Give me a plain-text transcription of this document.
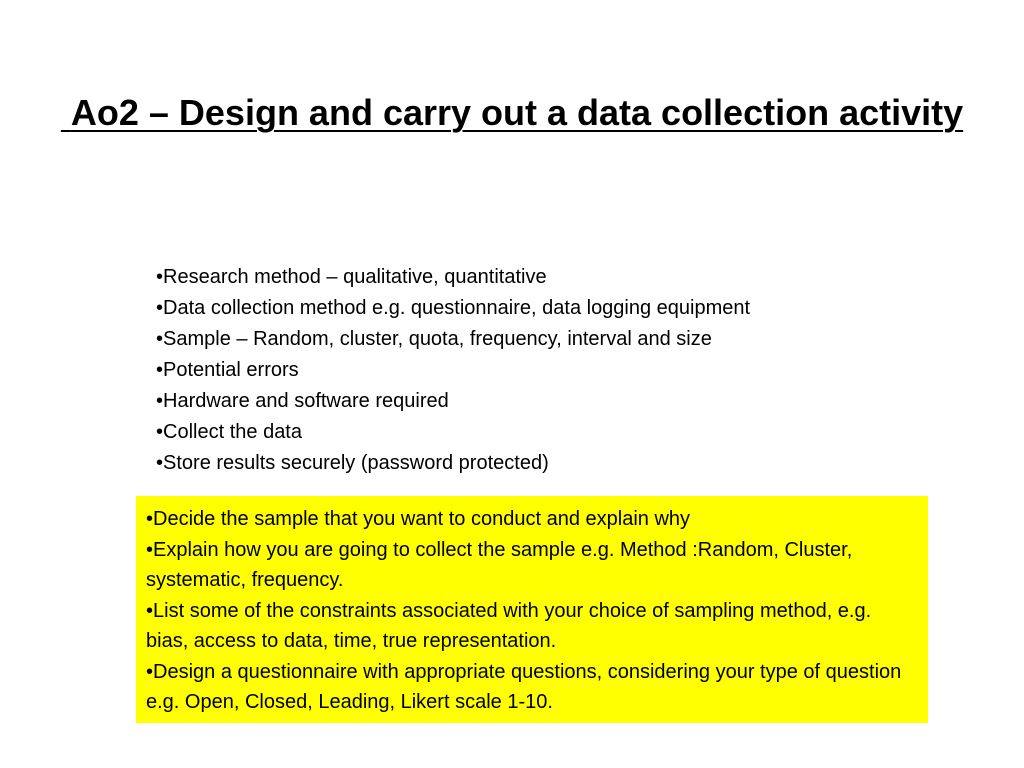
Ao2 – Design and carry out a data collection activity
•Research method – qualitative, quantitative
•Data collection method e.g. questionnaire, data logging equipment
•Sample – Random, cluster, quota, frequency, interval and size
•Potential errors
•Hardware and software required
•Collect the data
•Store results securely (password protected)
•Decide the sample that you want to conduct and explain why
•Explain how you are going to collect the sample e.g. Method :Random, Cluster, systematic, frequency.
•List some of the constraints associated with your choice of sampling method, e.g. bias, access to data, time, true representation.
•Design a questionnaire with appropriate questions, considering your type of question e.g. Open, Closed, Leading, Likert scale 1-10.
